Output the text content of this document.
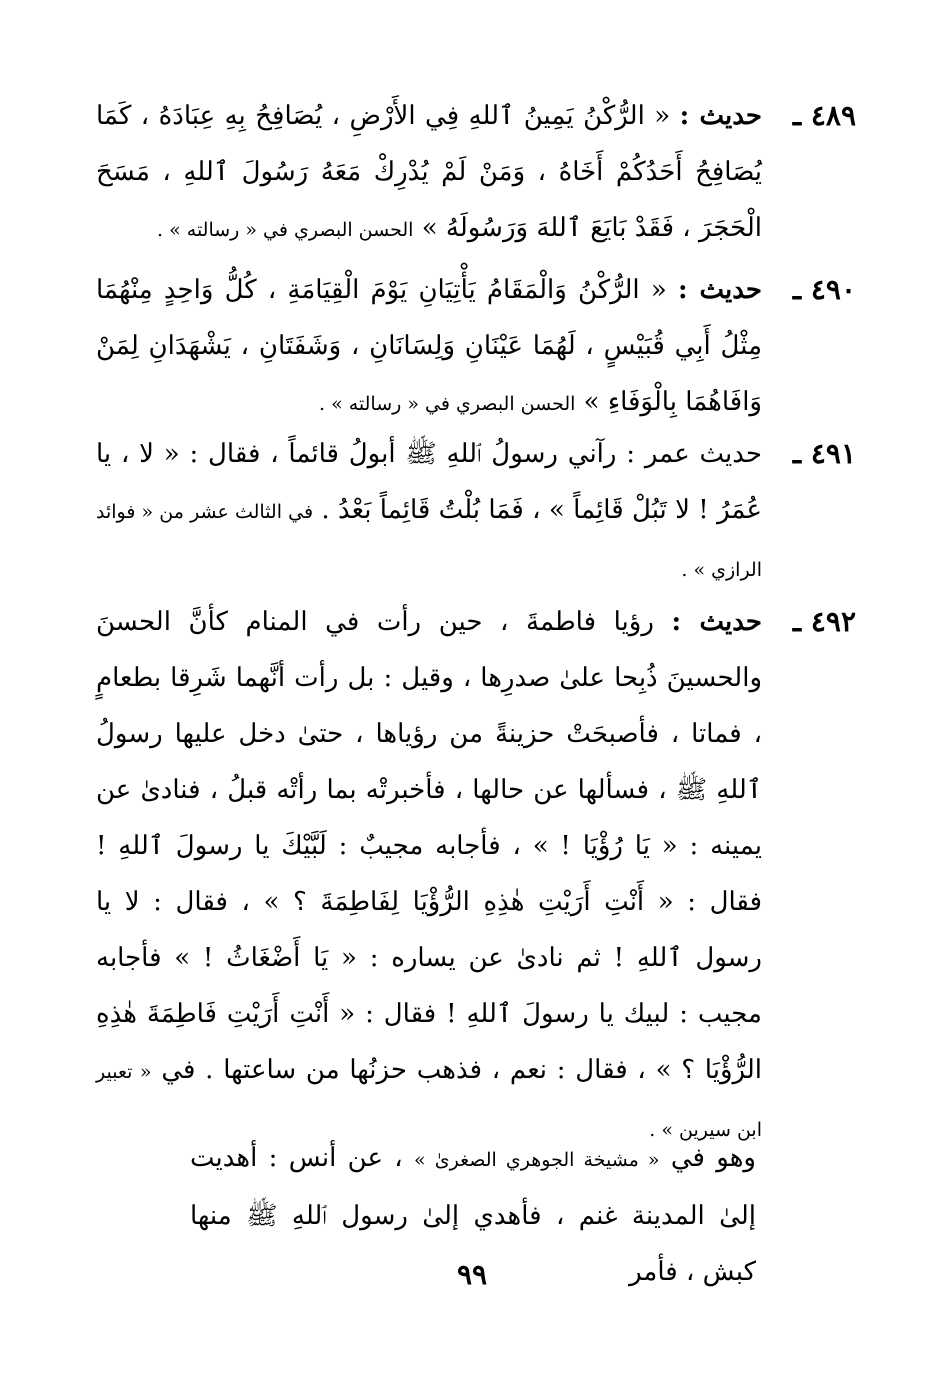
٤٨٩ ـ
حديث : « الرُّكْنُ يَمِينُ ٱللهِ فِي الأَرْضِ ، يُصَافِحُ بِهِ عِبَادَهُ ، كَمَا يُصَافِحُ أَحَدُكُمْ أَخَاهُ ، وَمَنْ لَمْ يُدْرِكْ مَعَهُ رَسُولَ ٱللهِ ، مَسَحَ الْحَجَرَ ، فَقَدْ بَايَعَ ٱللهَ وَرَسُولَهُ » الحسن البصري في « رسالته » .
٤٩٠ ـ
حديث : « الرُّكْنُ وَالْمَقَامُ يَأْتِيَانِ يَوْمَ الْقِيَامَةِ ، كُلُّ وَاحِدٍ مِنْهُمَا مِثْلُ أَبِي قُبَيْسٍ ، لَهُمَا عَيْنَانِ وَلِسَانَانِ ، وَشَفَتَانِ ، يَشْهَدَانِ لِمَنْ وَافَاهُمَا بِالْوَفَاءِ » الحسن البصري في « رسالته » .
٤٩١ ـ
حديث عمر : رآني رسولُ ٱللهِ ﷺ أبولُ قائماً ، فقال : « لا ، يا عُمَرُ ! لا تَبُلْ قَائِماً » ، فَمَا بُلْتُ قَائِماً بَعْدُ . في الثالث عشر من « فوائد الرازي » .
٤٩٢ ـ
حديث : رؤيا فاطمةَ ، حين رأت في المنام كأنَّ الحسنَ والحسينَ ذُبِحا علىٰ صدرِها ، وقيل : بل رأت أنَّهما شَرِقا بطعامٍ ، فماتا ، فأصبحَتْ حزينةً من رؤياها ، حتىٰ دخل عليها رسولُ ٱللهِ ﷺ ، فسألها عن حالها ، فأخبرتْه بما رأتْه قبلُ ، فنادىٰ عن يمينه : « يَا رُؤْيَا ! » ، فأجابه مجيبٌ : لَبَّيْكَ يا رسولَ ٱللهِ ! فقال : « أَنْتِ أَرَيْتِ هٰذِهِ الرُّؤْيَا لِفَاطِمَةَ ؟ » ، فقال : لا يا رسول ٱللهِ ! ثم نادىٰ عن يساره : « يَا أَضْغَاثُ ! » فأجابه مجيب : لبيك يا رسولَ ٱللهِ ! فقال : « أَنْتِ أَرَيْتِ فَاطِمَةَ هٰذِهِ الرُّؤْيَا ؟ » ، فقال : نعم ، فذهب حزنُها من ساعتها . في « تعبير ابن سيرين » .
وهو في « مشيخة الجوهري الصغرىٰ » ، عن أنس : أهديت إلىٰ المدينة غنم ، فأهدي إلىٰ رسول ٱللهِ ﷺ منها كبش ، فأمر
٩٩
